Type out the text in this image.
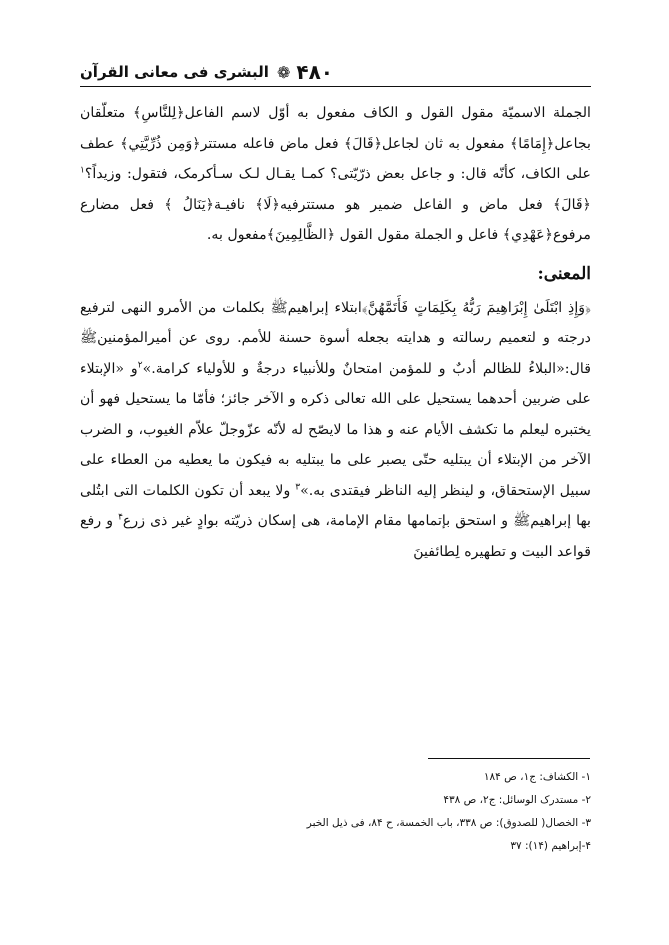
۴۸۰
❁
البشری فی معانی القرآن

الجملة الاسمیّة مقول القول و الکاف مفعول به أوّل لاسم الفاعل﴿لِلنَّاسِ﴾ متعلّقان بجاعل﴿إِمَامًا﴾ مفعول به ثان لجاعل﴿قَالَ﴾ فعل ماض فاعله مستتر﴿وَمِن ذُرِّيَّتِي﴾ عطف علی الکاف، کأنّه قال: و جاعل بعض ذرّیّتی؟ کمـا یقـال لـک سـأکرمک، فتقول: وزیداً؟$^١$ ﴿قَالَ﴾ فعل ماض و الفاعل ضمیر هو مستترفیه﴿لَا﴾ نافیـة﴿يَنَالُ ﴾ فعل مضارع مرفوع﴿عَهْدِي﴾ فاعل و الجملة مقول القول ﴿الظَّالِمِينَ﴾مفعول به.

المعنی:

﴿وَإِذِ ابْتَلَىٰ إِبْرَاهِيمَ رَبُّهُ بِكَلِمَاتٍ فَأَتَمَّهُنَّ﴾ابتلاء إبراهیمﷺ بکلمات من الأمرو النهی لترفیع درجته و لتعمیم رسالته و هدایته بجعله أسوة حسنة للأمم. روی عن أمیرالمؤمنینﷺ قال:«البلاءُ للظالم أدبٌ و للمؤمن امتحانٌ وللأنبیاء درجةٌ و للأولیاء کرامة.»$^٢$و «الإبتلاء علی ضربین أحدهما یستحیل علی الله تعالی ذکره و الآخر جائز؛ فأمّا ما یستحیل فهو أن یختبره لیعلم ما تکشف الأیام عنه و هذا ما لایصّح له لأنّه عزّوجلّ علاّم الغیوب، و الضرب الآخر من الإبتلاء أن یبتلیه حتّی یصبر علی ما یبتلیه به فیکون ما یعطیه من العطاء علی سبیل الإستحقاق، و لینظر إلیه الناظر فیقتدی به.»$^٣$ ولا یبعد أن تکون الکلمات التی ابتُلی بها إبراهیمﷺ و استحق بإتمامها مقام الإمامة، هی إسکان ذریّته بوادٍ غیر ذی زرع$^۴$ و رفع قواعد البیت و تطهیره لِطائفینَ

۱- الکشاف: ج۱، ص ۱۸۴

۲- مستدرک الوسائل: ج۲، ص ۴۳۸

۳- الخصال( للصدوق): ص ۳۳۸، باب الخمسة، ح ۸۴، فی ذیل الخبر

۴-إبراهیم (۱۴): ۳۷
